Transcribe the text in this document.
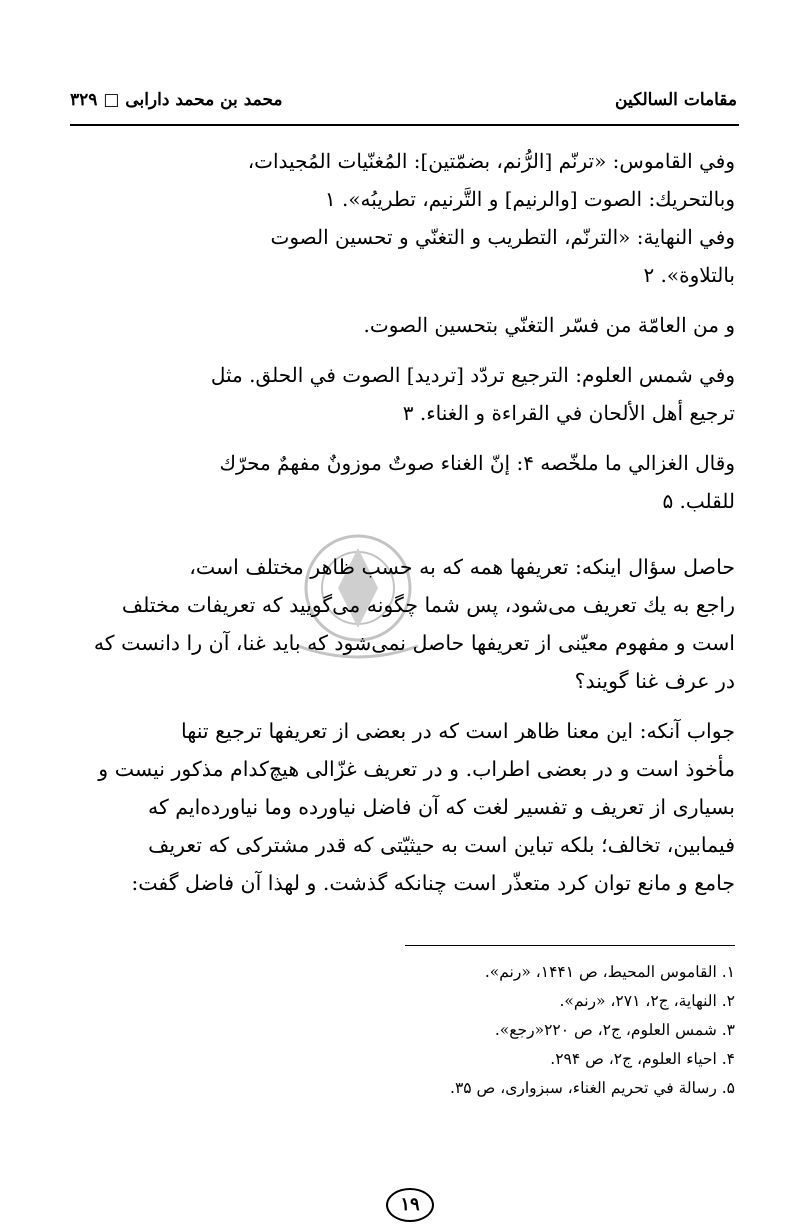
مقامات السالکین
محمد بن محمد دارابی □ ۳۲۹

وفي القاموس: «ترنّم [الرُّنم، بضمّتين]: المُغنّيات المُجيدات،

وبالتحريك: الصوت [والرنيم] و التَّرنيم، تطريبُه». ۱

وفي النهاية: «الترنّم، التطريب و التغنّي و تحسين الصوت

بالتلاوة». ۲

و من العامّة من فسّر التغنّي بتحسين الصوت.

وفي شمس العلوم: الترجيع تردّد [ترديد] الصوت في الحلق. مثل

ترجيع أهل الألحان في القراءة و الغناء. ۳

وقال الغزالي ما ملخّصه ۴: إنّ الغناء صوتٌ موزونٌ مفهمٌ محرّك

للقلب. ۵

حاصل سؤال اینکه: تعریفها همه که به حسب ظاهر مختلف است،

راجع به یك تعریف می‌شود، پس شما چگونه می‌گویید که تعریفات مختلف

است و مفهوم معیّنی از تعریفها حاصل نمی‌شود که باید غنا، آن را دانست که

در عرف غنا گویند؟

جواب آنکه: این معنا ظاهر است که در بعضی از تعریفها ترجیع تنها

مأخوذ است و در بعضی اطراب. و در تعریف غزّالی هیچ‌کدام مذکور نیست و

بسیاری از تعریف و تفسیر لغت که آن فاضل نیاورده وما نیاورده‌ایم که

فیمابین، تخالف؛ بلکه تباین است به حیثیّتی که قدر مشترکی که تعریف

جامع و مانع توان کرد متعذّر است چنانکه گذشت. و لهذا آن فاضل گفت:

۱. القاموس المحیط، ص ۱۴۴۱، «رنم».

۲. النهایة، ج۲، ۲۷۱، «رنم».

۳. شمس العلوم، ج۲، ص ۲۲۰«رجع».

۴. احیاء العلوم، ج۲، ص ۲۹۴.

۵. رسالة في تحریم الغناء، سبزواری، ص ۳۵.

۱۹
